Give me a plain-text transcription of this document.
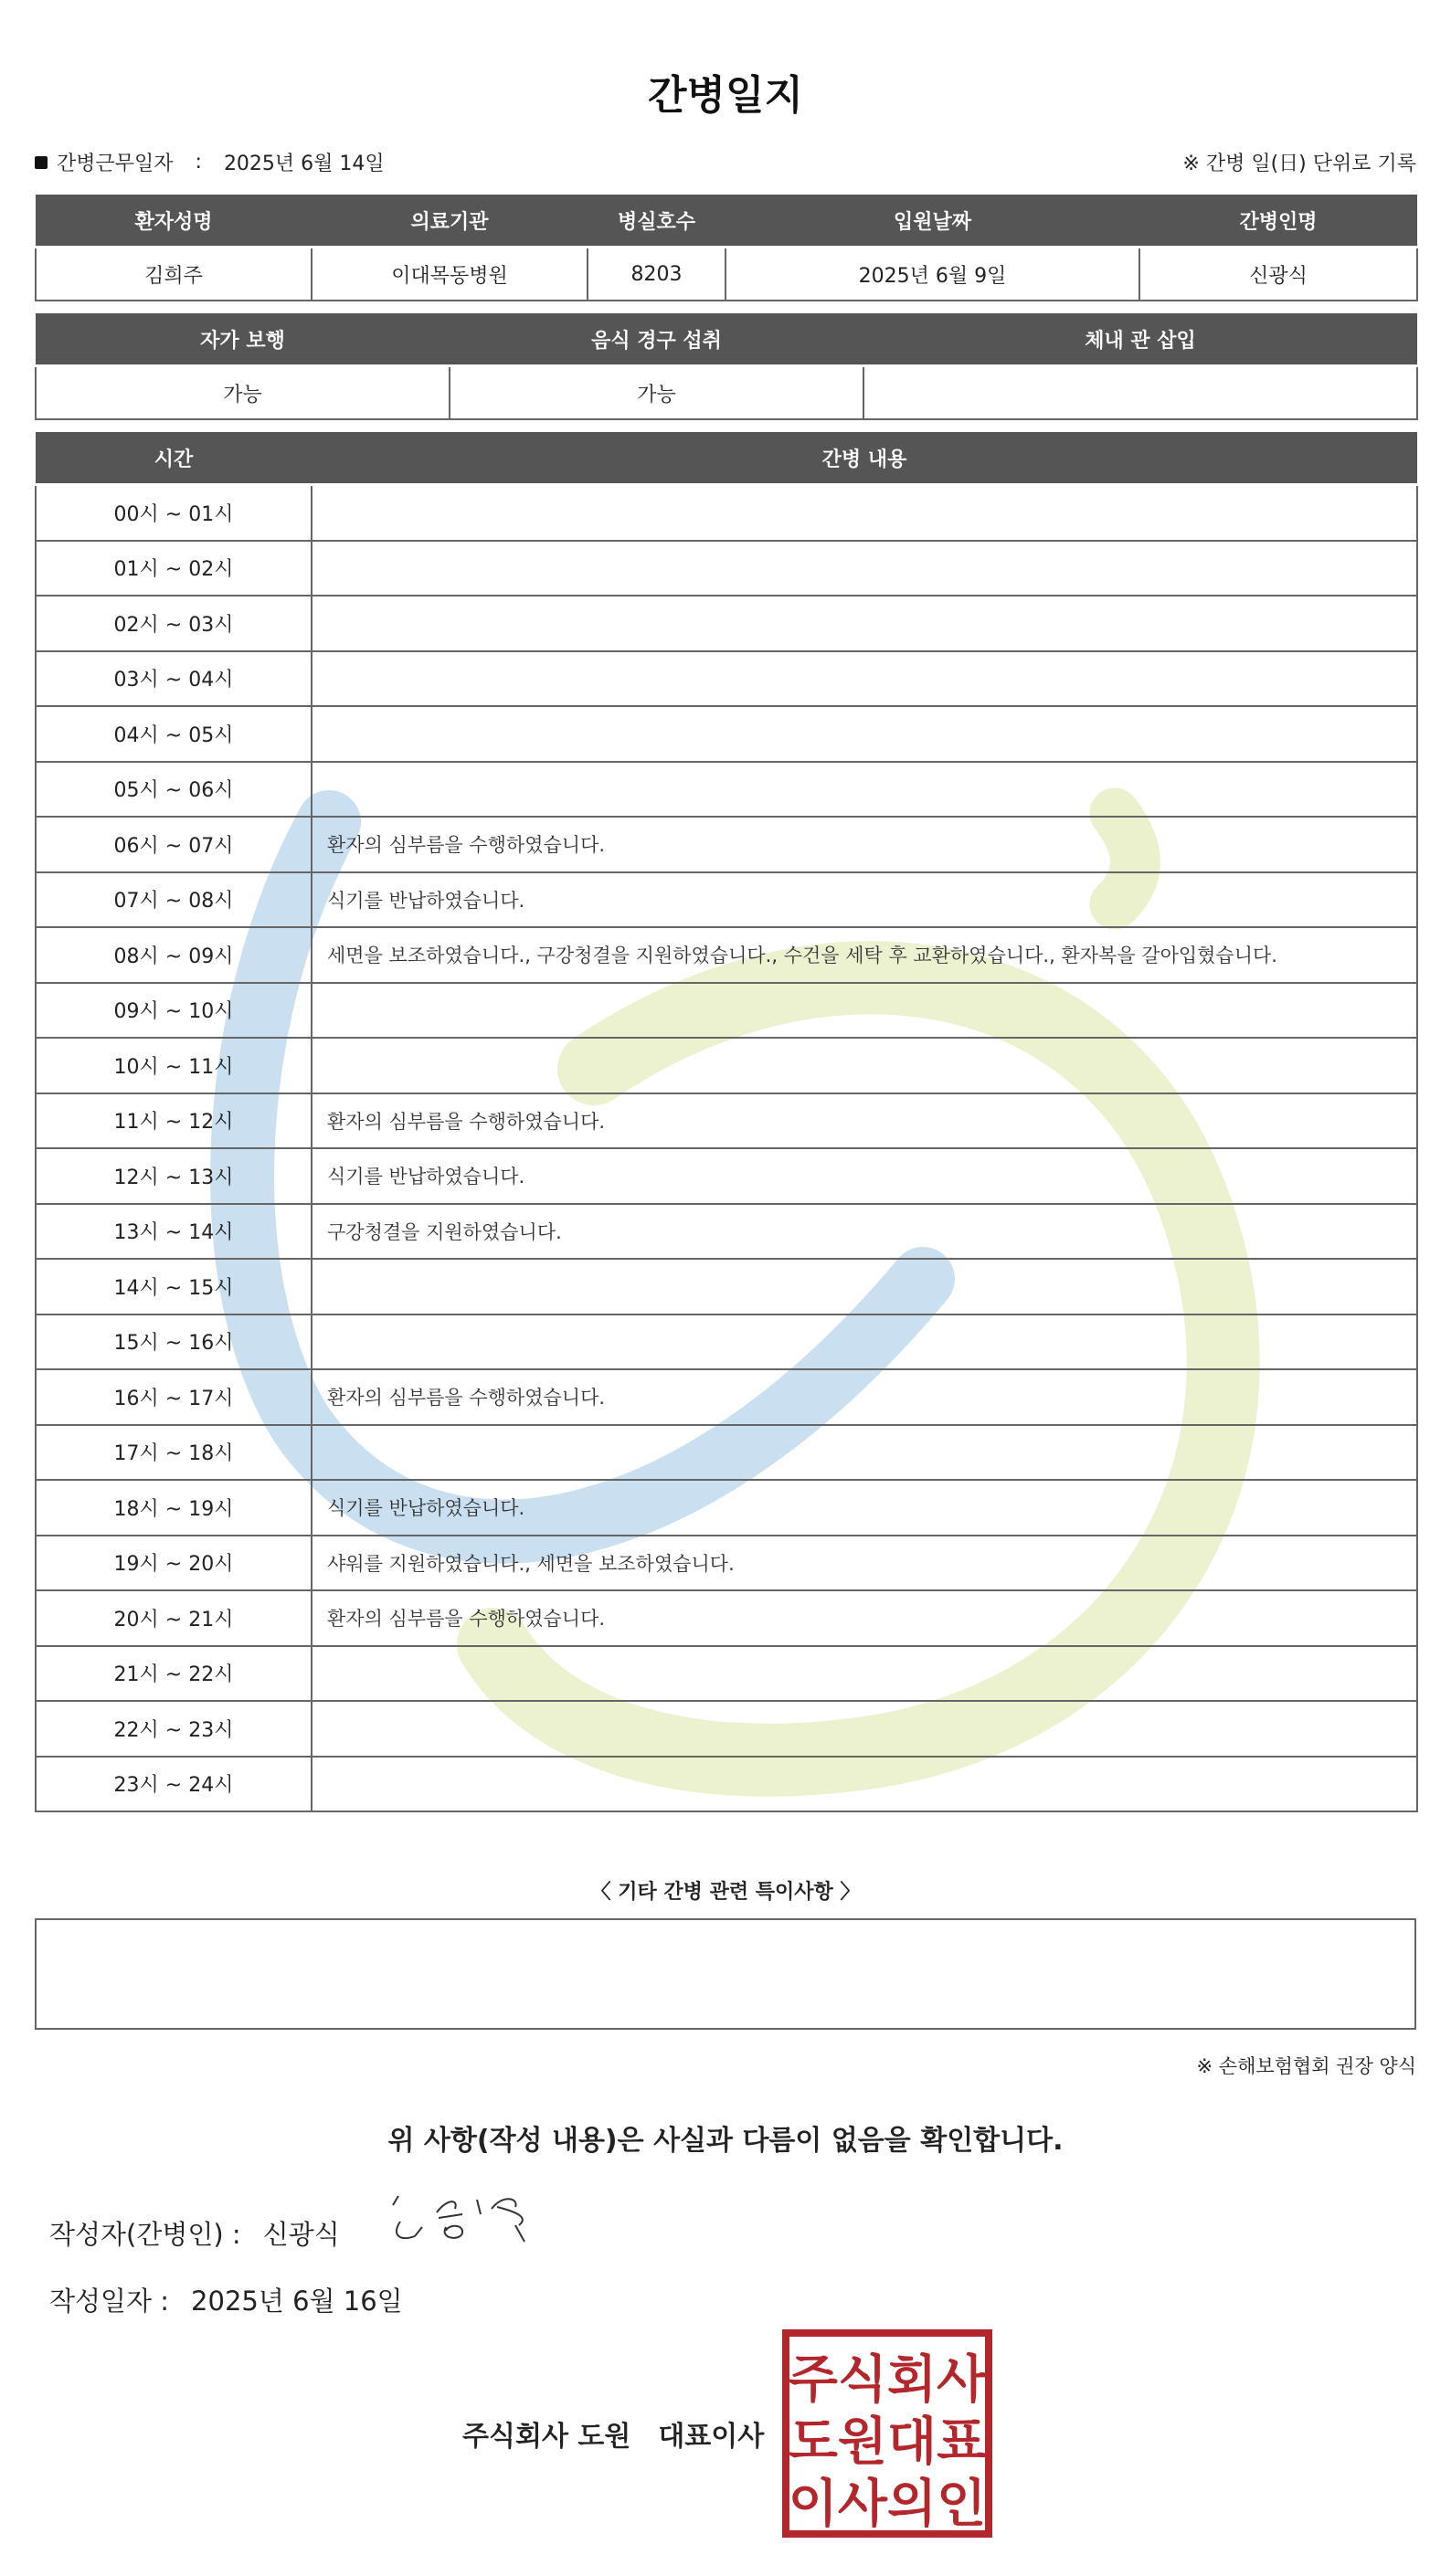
간병일지
간병근무일자 : 2025년 6월 14일	※ 간병 일(日) 단위로 기록
환자성명	의료기관	병실호수	입원날짜	간병인명
김희주	이대목동병원	8203	2025년 6월 9일	신광식
자가 보행	음식 경구 섭취	체내 관 삽입
가능	가능	
시간	간병 내용
00시 ~ 01시	
01시 ~ 02시	
02시 ~ 03시	
03시 ~ 04시	
04시 ~ 05시	
05시 ~ 06시	
06시 ~ 07시	환자의 심부름을 수행하였습니다.
07시 ~ 08시	식기를 반납하였습니다.
08시 ~ 09시	세면을 보조하였습니다., 구강청결을 지원하였습니다., 수건을 세탁 후 교환하였습니다., 환자복을 갈아입혔습니다.
09시 ~ 10시	
10시 ~ 11시	
11시 ~ 12시	환자의 심부름을 수행하였습니다.
12시 ~ 13시	식기를 반납하였습니다.
13시 ~ 14시	구강청결을 지원하였습니다.
14시 ~ 15시	
15시 ~ 16시	
16시 ~ 17시	환자의 심부름을 수행하였습니다.
17시 ~ 18시	
18시 ~ 19시	식기를 반납하였습니다.
19시 ~ 20시	샤워를 지원하였습니다., 세면을 보조하였습니다.
20시 ~ 21시	환자의 심부름을 수행하였습니다.
21시 ~ 22시	
22시 ~ 23시	
23시 ~ 24시	
〈 기타 간병 관련 특이사항 〉
※ 손해보험협회 권장 양식
위 사항(작성 내용)은 사실과 다름이 없음을 확인합니다.
작성자(간병인) : 신광식
작성일자 : 2025년 6월 16일
주식회사 도원 대표이사
주식회사
도원대표
이사의인
